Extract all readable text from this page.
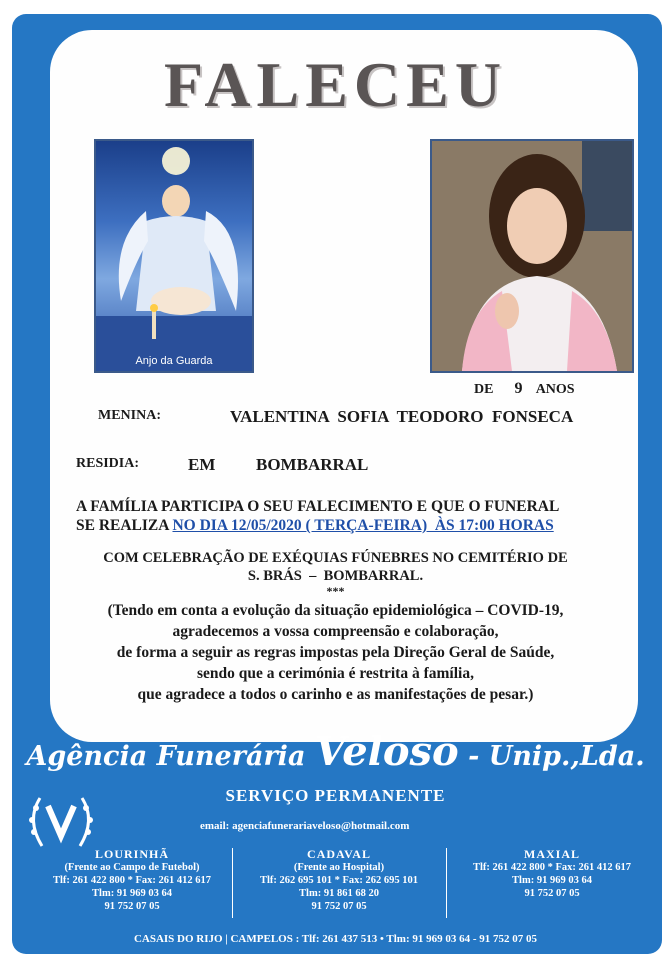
FALECEU
Anjo da Guarda
DE 9 ANOS
MENINA:	VALENTINA  SOFIA  TEODORO  FONSECA
RESIDIA:	EM BOMBARRAL
A FAMÍLIA PARTICIPA O SEU FALECIMENTO E QUE O FUNERAL
SE REALIZA NO DIA 12/05/2020 ( TERÇA-FEIRA)  ÀS 17:00 HORAS
COM CELEBRAÇÃO DE EXÉQUIAS FÚNEBRES NO CEMITÉRIO DE
S. BRÁS  –  BOMBARRAL.
***
(Tendo em conta a evolução da situação epidemiológica – COVID-19,
agradecemos a vossa compreensão e colaboração,
de forma a seguir as regras impostas pela Direção Geral de Saúde,
sendo que a cerimónia é restrita à família,
que agradece a todos o carinho e as manifestações de pesar.)
Agência Funerária Veloso - Unip.,Lda.
SERVIÇO PERMANENTE
email: agenciafunerariaveloso@hotmail.com
LOURINHÃ
(Frente ao Campo de Futebol)
Tlf: 261 422 800 * Fax: 261 412 617
Tlm: 91 969 03 64
91 752 07 05
CADAVAL
(Frente ao Hospital)
Tlf: 262 695 101 * Fax: 262 695 101
Tlm: 91 861 68 20
91 752 07 05
MAXIAL
Tlf: 261 422 800 * Fax: 261 412 617
Tlm: 91 969 03 64
91 752 07 05
CASAIS DO RIJO | CAMPELOS : Tlf: 261 437 513 • Tlm: 91 969 03 64 - 91 752 07 05
